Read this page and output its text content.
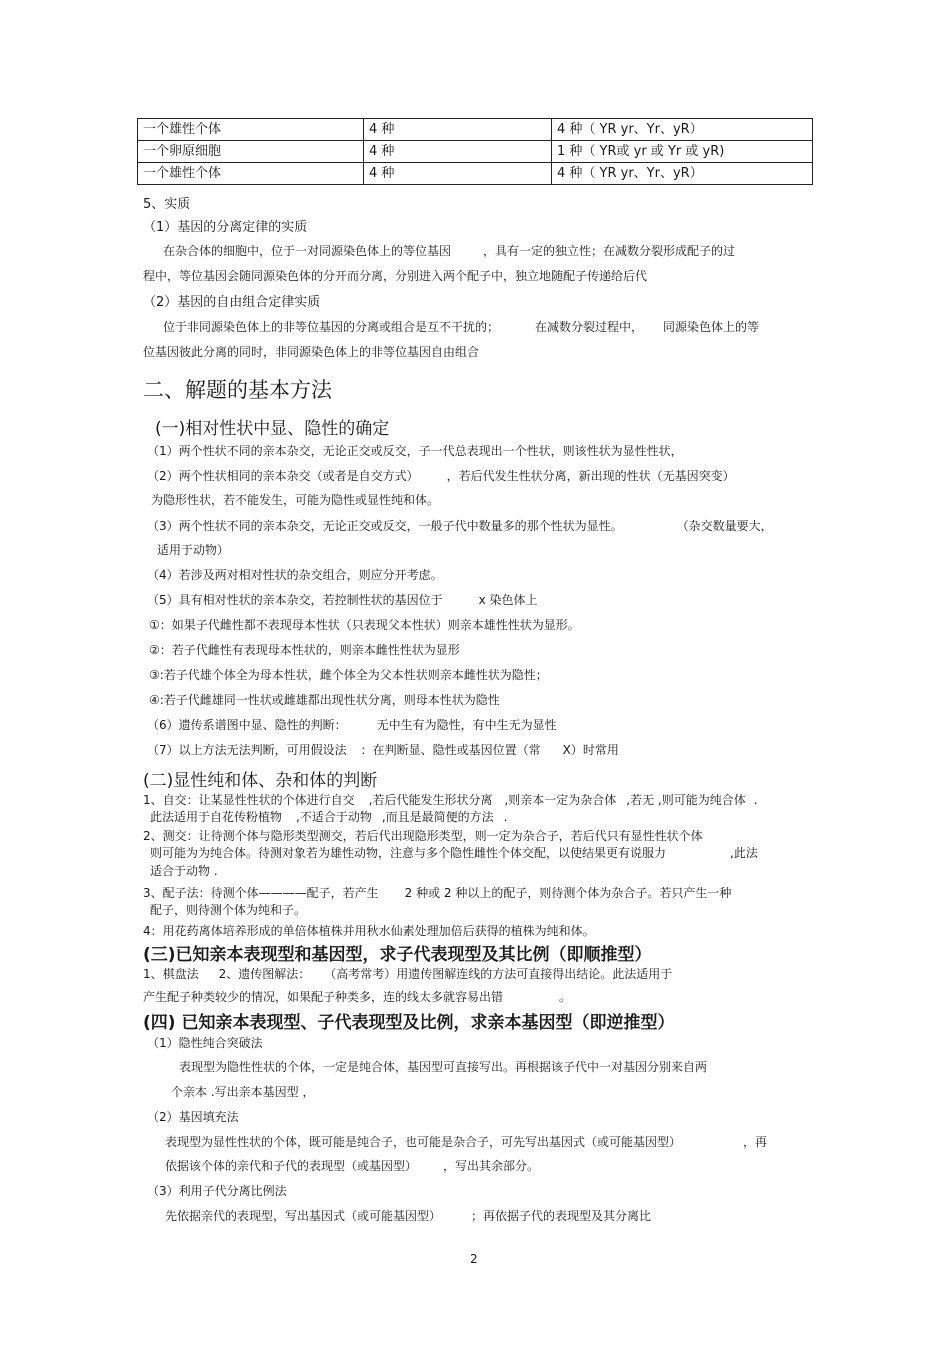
一个雄性个体	4 种	4 种（ YR yr、Yr、yR）
一个卵原细胞	4 种	1 种（ YR或 yr 或 Yr 或 yR)
一个雄性个体	4 种	4 种（ YR yr、Yr、yR）
5、实质
（1）基因的分离定律的实质
在杂合体的细胞中，位于一对同源染色体上的等位基因	，具有一定的独立性；在减数分裂形成配子的过
程中，等位基因会随同源染色体的分开而分离，分别进入两个配子中，独立地随配子传递给后代
（2）基因的自由组合定律实质
位于非同源染色体上的非等位基因的分离或组合是互不干扰的；	在减数分裂过程中， 同源染色体上的等
位基因彼此分离的同时，非同源染色体上的非等位基因自由组合
二、解题的基本方法
(一)相对性状中显、隐性的确定
（1）两个性状不同的亲本杂交，无论正交或反交，子一代总表现出一个性状，则该性状为显性性状，
（2）两个性状相同的亲本杂交（或者是自交方式） ，若后代发生性状分离，新出现的性状（无基因突变）
为隐形性状，若不能发生，可能为隐性或显性纯和体。
（3）两个性状不同的亲本杂交，无论正交或反交，一般子代中数量多的那个性状为显性。	（杂交数量要大，
适用于动物）
（4）若涉及两对相对性状的杂交组合，则应分开考虑。
（5）具有相对性状的亲本杂交，若控制性状的基因位于	x 染色体上
①：如果子代雌性都不表现母本性状（只表现父本性状）则亲本雄性性状为显形。
②：若子代雌性有表现母本性状的，则亲本雌性性状为显形
③:若子代雄个体全为母本性状，雌个体全为父本性状则亲本雌性状为隐性；
④:若子代雌雄同一性状或雌雄都出现性状分离，则母本性状为隐性
（6）遗传系谱图中显、隐性的判断：	无中生有为隐性，有中生无为显性
（7）以上方法无法判断，可用假设法 ：在判断显、隐性或基因位置（常 X）时常用
(二)显性纯和体、杂和体的判断
1、自交：让某显性性状的个体进行自交 ,若后代能发生形状分离 ,则亲本一定为杂合体 ,若无 ,则可能为纯合体 .
此法适用于自花传粉植物 ,不适合于动物 ,而且是最简便的方法 .
2、测交：让待测个体与隐形类型测交，若后代出现隐形类型，则一定为杂合子，若后代只有显性性状个体
则可能为为纯合体。待测对象若为雄性动物，注意与多个隐性雌性个体交配，以使结果更有说服力	,此法
适合于动物 .
3、配子法：待测个体————配子，若产生 2 种或 2 种以上的配子，则待测个体为杂合子。若只产生一种
配子，则待测个体为纯和子。
4：用花药离体培养形成的单倍体植株并用秋水仙素处理加倍后获得的植株为纯和体。
(三)已知亲本表现型和基因型，求子代表现型及其比例（即顺推型）
1、棋盘法 2、遗传图解法： （高考常考）用遗传图解连线的方法可直接得出结论。此法适用于
产生配子种类较少的情况，如果配子种类多，连的线太多就容易出错	。
(四) 已知亲本表现型、子代表现型及比例，求亲本基因型（即逆推型）
（1）隐性纯合突破法
表现型为隐性性状的个体，一定是纯合体，基因型可直接写出。再根据该子代中一对基因分别来自两
个亲本 .写出亲本基因型 ，
（2）基因填充法
表现型为显性性状的个体，既可能是纯合子，也可能是杂合子，可先写出基因式（或可能基因型）	，再
依据该个体的亲代和子代的表现型（或基因型） ，写出其余部分。
（3）利用子代分离比例法
先依据亲代的表现型，写出基因式（或可能基因型）	；再依据子代的表现型及其分离比
2
